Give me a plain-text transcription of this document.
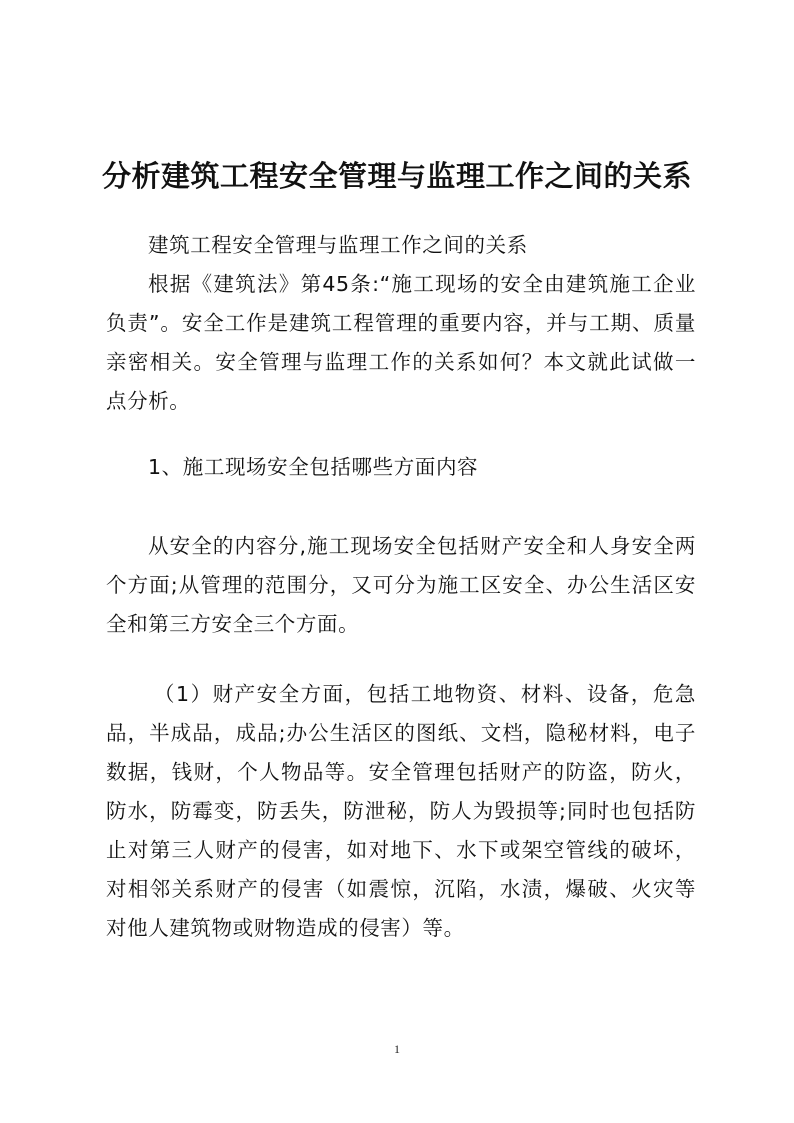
分析建筑工程安全管理与监理工作之间的关系

建筑工程安全管理与监理工作之间的关系

根据《建筑法》第45条:“施工现场的安全由建筑施工企业负责”。安全工作是建筑工程管理的重要内容，并与工期、质量亲密相关。安全管理与监理工作的关系如何？本文就此试做一点分析。

1、施工现场安全包括哪些方面内容

从安全的内容分,施工现场安全包括财产安全和人身安全两个方面;从管理的范围分，又可分为施工区安全、办公生活区安全和第三方安全三个方面。

（1）财产安全方面，包括工地物资、材料、设备，危急品，半成品，成品;办公生活区的图纸、文档，隐秘材料，电子数据，钱财，个人物品等。安全管理包括财产的防盗，防火，防水，防霉变，防丢失，防泄秘，防人为毁损等;同时也包括防止对第三人财产的侵害，如对地下、水下或架空管线的破坏，对相邻关系财产的侵害（如震惊，沉陷，水渍，爆破、火灾等对他人建筑物或财物造成的侵害）等。

1
